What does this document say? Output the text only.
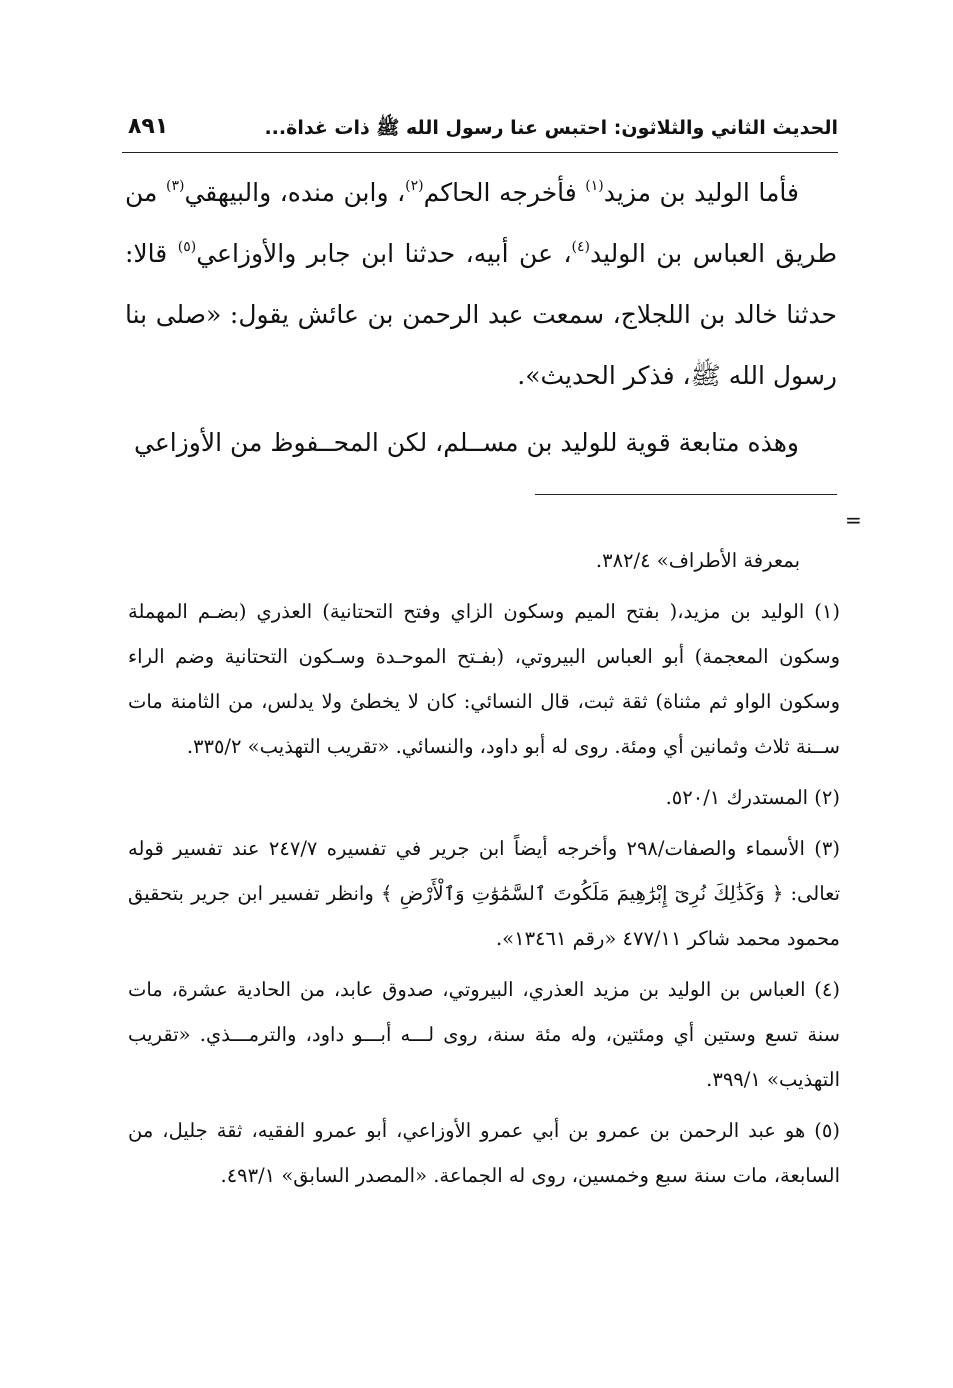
الحديث الثاني والثلاثون: احتبس عنا رسول الله ﷺ ذات غداة...
٨٩١

فأما الوليد بن مزيد$^{(١)}$ فأخرجه الحاكم$^{(٢)}$، وابن منده، والبيهقي$^{(٣)}$ من طريق العباس بن الوليد$^{(٤)}$، عن أبيه، حدثنا ابن جابر والأوزاعي$^{(٥)}$ قالا: حدثنا خالد بن اللجلاج، سمعت عبد الرحمن بن عائش يقول: «صلى بنا رسول الله ﷺ، فذكر الحديث».

وهذه متابعة قوية للوليد بن مســلم، لكن المحــفوظ من الأوزاعي

=

بمعرفة الأطراف» ٣٨٢/٤.

(١) الوليد بن مزيد،( بفتح الميم وسكون الزاي وفتح التحتانية) العذري (بضـم المهملة وسكون المعجمة) أبو العباس البيروتي، (بفـتح الموحـدة وسـكون التحتانية وضم الراء وسكون الواو ثم مثناة) ثقة ثبت، قال النسائي: كان لا يخطئ ولا يدلس، من الثامنة مات ســنة ثلاث وثمانين أي ومئة. روى له أبو داود، والنسائي. «تقريب التهذيب» ٣٣٥/٢.

(٢) المستدرك ٥٢٠/١.

(٣) الأسماء والصفات/٢٩٨ وأخرجه أيضاً ابن جرير في تفسيره ٢٤٧/٧ عند تفسير قوله تعالى: ﴿ وَكَذَٰلِكَ نُرِىٓ إِبْرَٰهِيمَ مَلَكُوتَ ٱلسَّمَٰوَٰتِ وَٱلْأَرْضِ ﴾ وانظر تفسير ابن جرير بتحقيق محمود محمد شاكر ٤٧٧/١١ «رقم ١٣٤٦١».

(٤) العباس بن الوليد بن مزيد العذري، البيروتي، صدوق عابد، من الحادية عشرة، مات سنة تسع وستين أي ومئتين، وله مئة سنة، روى لـــه أبـــو داود، والترمـــذي. «تقريب التهذيب» ٣٩٩/١.

(٥) هو عبد الرحمن بن عمرو بن أبي عمرو الأوزاعي، أبو عمرو الفقيه، ثقة جليل، من السابعة، مات سنة سبع وخمسين، روى له الجماعة. «المصدر السابق» ٤٩٣/١.
